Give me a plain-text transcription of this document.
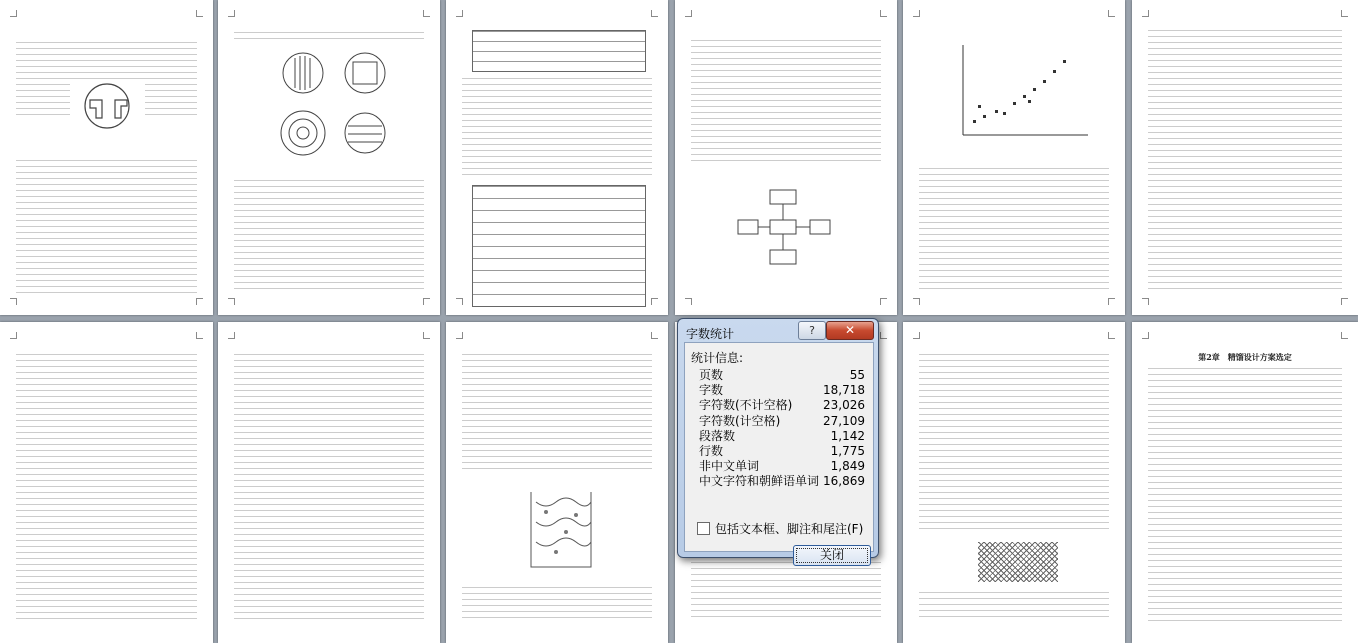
第2章　精馏设计方案选定
字数统计	?	✕
统计信息:
页数	55
字数	18,718
字符数(不计空格)	23,026
字符数(计空格)	27,109
段落数	1,142
行数	1,775
非中文单词	1,849
中文字符和朝鲜语单词 16,869
包括文本框、脚注和尾注(F)
关闭
